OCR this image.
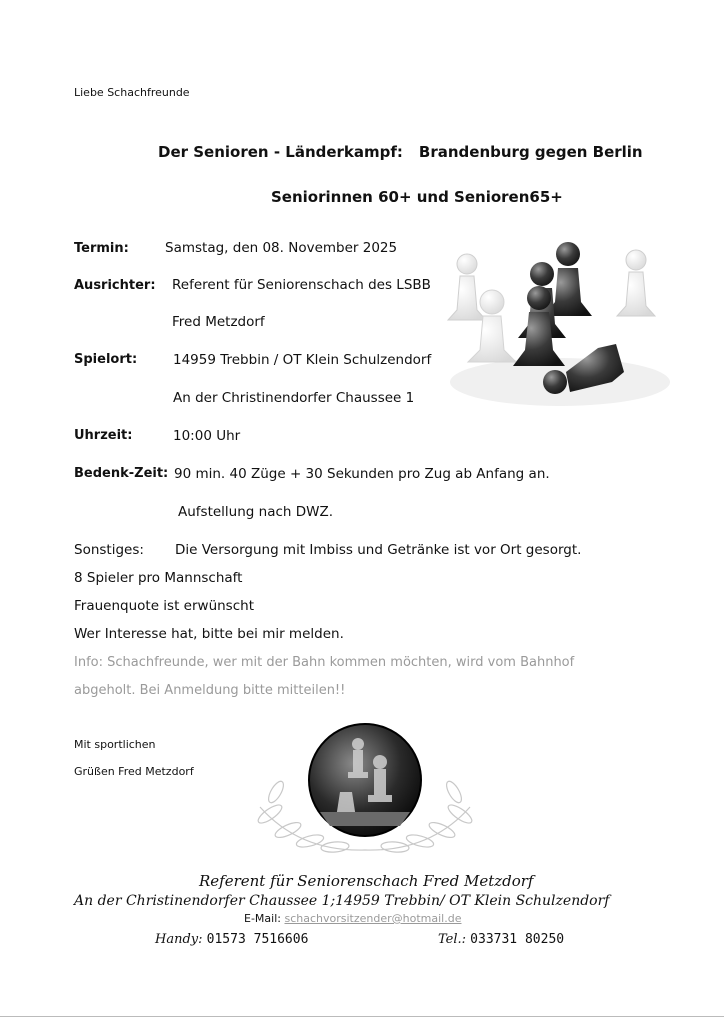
Liebe Schachfreunde
Der Senioren - Länderkampf: Brandenburg gegen Berlin
Seniorinnen 60+ und Senioren65+
Termin:	Samstag, den 08. November 2025
Ausrichter: Referent für Seniorenschach des LSBB
Fred Metzdorf
Spielort:	14959 Trebbin / OT Klein Schulzendorf
An der Christinendorfer Chaussee 1
Uhrzeit:	10:00 Uhr
Bedenk-Zeit: 90 min. 40 Züge + 30 Sekunden pro Zug ab Anfang an.
Aufstellung nach DWZ.
Sonstiges: Die Versorgung mit Imbiss und Getränke ist vor Ort gesorgt.
8 Spieler pro Mannschaft
Frauenquote ist erwünscht
Wer Interesse hat, bitte bei mir melden.
Info: Schachfreunde, wer mit der Bahn kommen möchten, wird vom Bahnhof
abgeholt. Bei Anmeldung bitte mitteilen!!
Mit sportlichen
Grüßen Fred Metzdorf
Referent für Seniorenschach Fred Metzdorf
An der Christinendorfer Chaussee 1;14959 Trebbin/ OT Klein Schulzendorf
E-Mail: schachvorsitzender@hotmail.de
Handy: 01573 7516606	Tel.: 033731 80250
